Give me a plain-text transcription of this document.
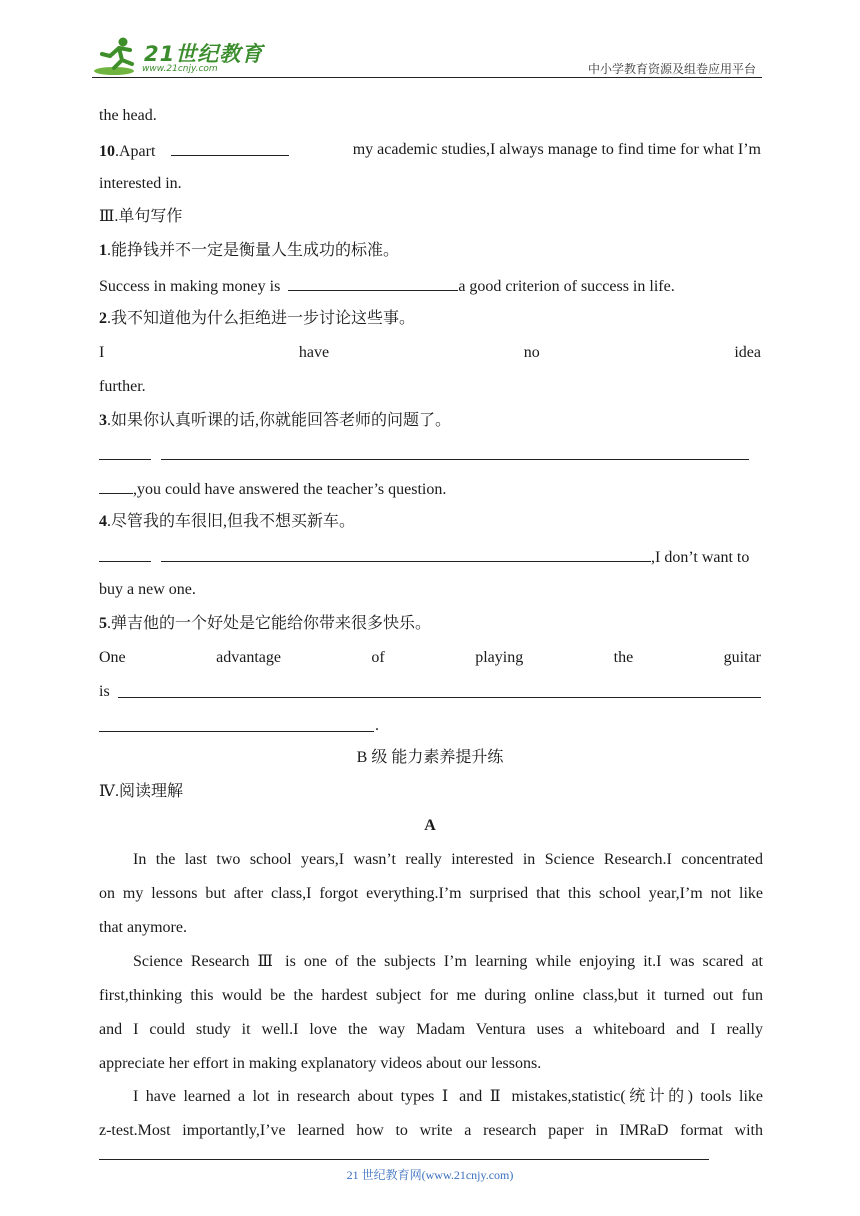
21世纪教育
www.21cnjy.com	中小学教育资源及组卷应用平台
the head.
10.Apart	my academic studies,I always manage to find time for what I’m
interested in.
Ⅲ.单句写作
1.能挣钱并不一定是衡量人生成功的标准。
Success in making money is	a good criterion of success in life.
2.我不知道他为什么拒绝进一步讨论这些事。
I	have	no	idea
further.
3.如果你认真听课的话,你就能回答老师的问题了。
,you could have answered the teacher’s question.
4.尽管我的车很旧,但我不想买新车。
,I don’t want to
buy a new one.
5.弹吉他的一个好处是它能给你带来很多快乐。
One	advantage	of	playing	the	guitar
is
.
B 级 能力素养提升练
Ⅳ.阅读理解
A
In the last two school years,I wasn’t really interested in Science Research.I concentrated
on my lessons but after class,I forgot everything.I’m surprised that this school year,I’m not like
that anymore.
Science Research Ⅲ is one of the subjects I’m learning while enjoying it.I was scared at
first,thinking this would be the hardest subject for me during online class,but it turned out fun
and I could study it well.I love the way Madam Ventura uses a whiteboard and I really
appreciate her effort in making explanatory videos about our lessons.
I have learned a lot in research about types Ⅰ and Ⅱ mistakes,statistic(统计的) tools like
z-test.Most importantly,I’ve learned how to write a research paper in IMRaD format with
21 世纪教育网(www.21cnjy.com)
